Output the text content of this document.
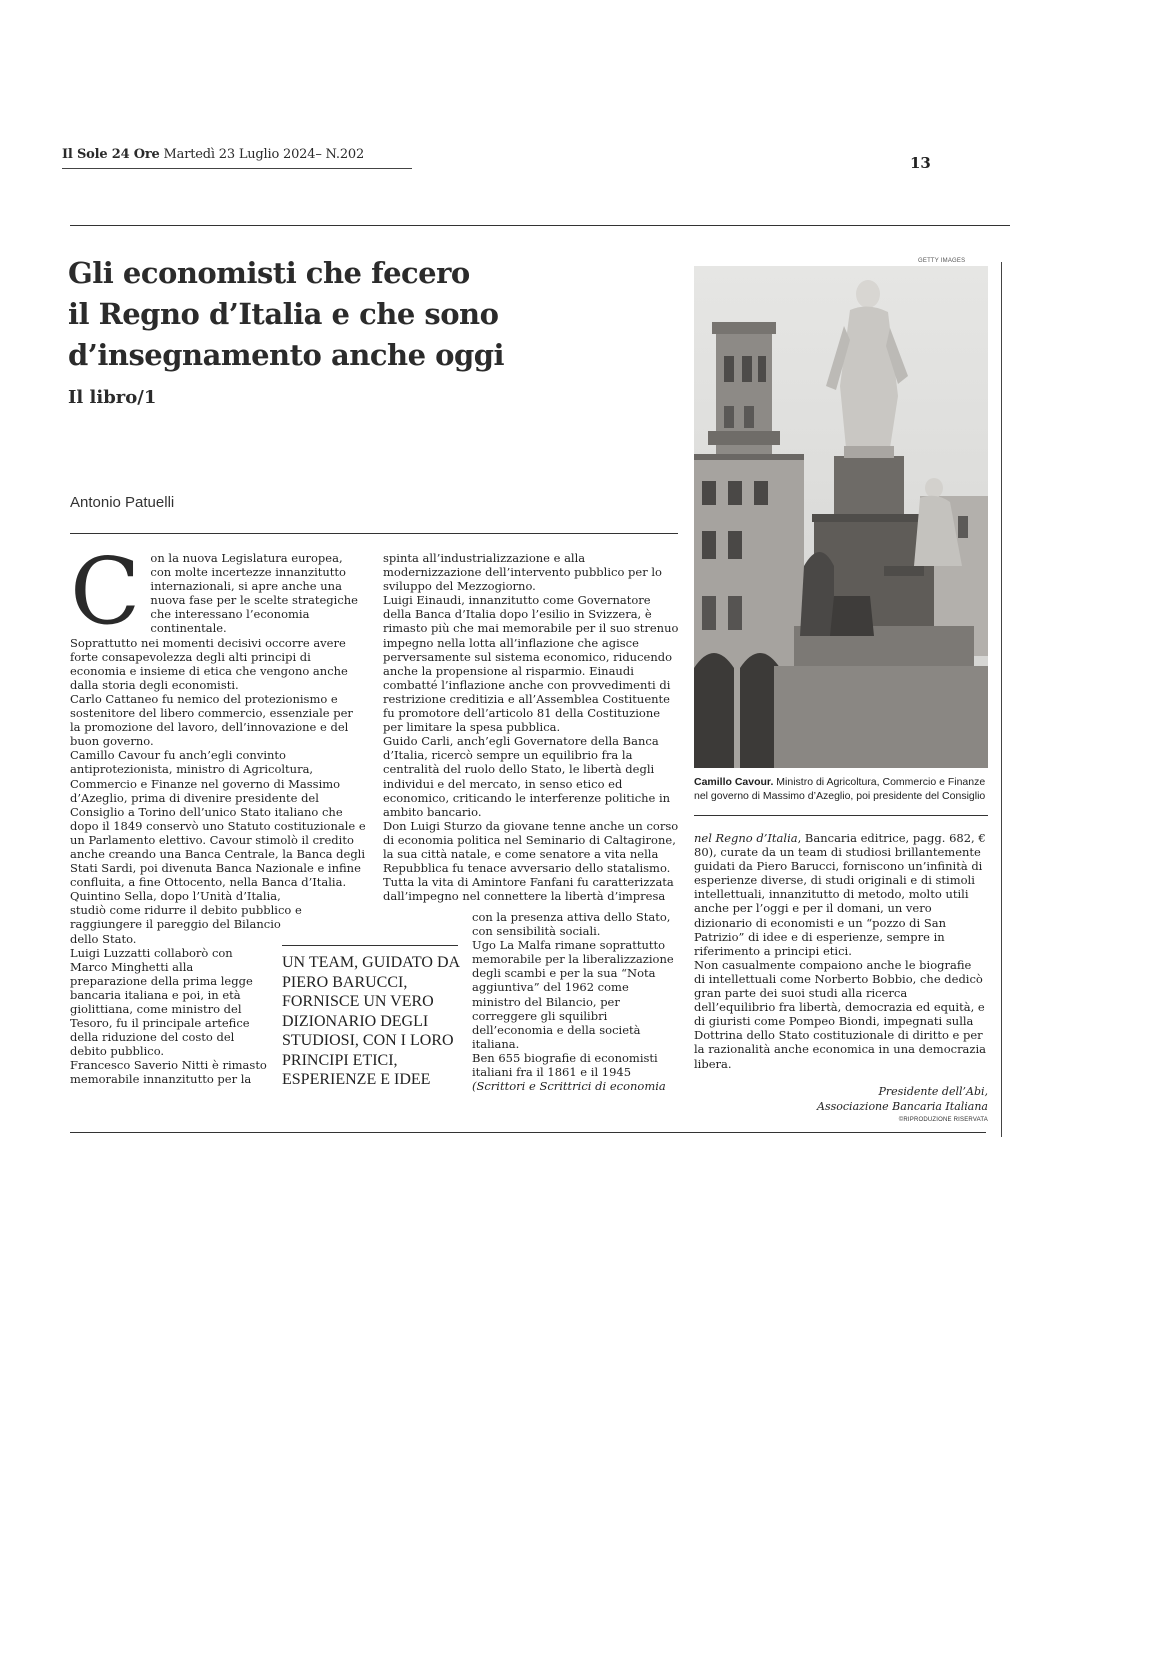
Il Sole 24 Ore Martedì 23 Luglio 2024– N.202	13
Gli economisti che fecero
il Regno d’Italia e che sono
d’insegnamento anche oggi
Il libro/1
Antonio Patuelli

Con la nuova Legislatura europea, con molte incertezze innanzitutto internazionali, si apre anche una nuova fase per le scelte strategiche che interessano l’economia continentale.

Soprattutto nei momenti decisivi occorre avere forte consapevolezza degli alti principi di economia e insieme di etica che vengono anche dalla storia degli economisti.

Carlo Cattaneo fu nemico del protezionismo e sostenitore del libero commercio, essenziale per la promozione del lavoro, dell’innovazione e del buon governo.

Camillo Cavour fu anch’egli convinto antiprotezionista, ministro di Agricoltura, Commercio e Finanze nel governo di Massimo d’Azeglio, prima di divenire presidente del Consiglio a Torino dell’unico Stato italiano che dopo il 1849 conservò uno Statuto costituzionale e un Parlamento elettivo. Cavour stimolò il credito anche creando una Banca Centrale, la Banca degli Stati Sardi, poi divenuta Banca Nazionale e infine confluita, a fine Ottocento, nella Banca d’Italia.

Quintino Sella, dopo l’Unità d’Italia, studiò come ridurre il debito pubblico e raggiungere il pareggio del Bilancio dello Stato.

Luigi Luzzatti collaborò con Marco Minghetti alla preparazione della prima legge bancaria italiana e poi, in età giolittiana, come ministro del Tesoro, fu il principale artefice della riduzione del costo del debito pubblico.

Francesco Saverio Nitti è rimasto memorabile innanzitutto per la

spinta all’industrializzazione e alla modernizzazione dell’intervento pubblico per lo sviluppo del Mezzogiorno.

Luigi Einaudi, innanzitutto come Governatore della Banca d’Italia dopo l’esilio in Svizzera, è rimasto più che mai memorabile per il suo strenuo impegno nella lotta all’inflazione che agisce perversamente sul sistema economico, riducendo anche la propensione al risparmio. Einaudi combatté l’inflazione anche con provvedimenti di restrizione creditizia e all’Assemblea Costituente fu promotore dell’articolo 81 della Costituzione per limitare la spesa pubblica.

Guido Carli, anch’egli Governatore della Banca d’Italia, ricercò sempre un equilibrio fra la centralità del ruolo dello Stato, le libertà degli individui e del mercato, in senso etico ed economico, criticando le interferenze politiche in ambito bancario.

Don Luigi Sturzo da giovane tenne anche un corso di economia politica nel Seminario di Caltagirone, la sua città natale, e come senatore a vita nella Repubblica fu tenace avversario dello statalismo.

Tutta la vita di Amintore Fanfani fu caratterizzata dall’impegno nel connettere la libertà d’impresa

con la presenza attiva dello Stato, con sensibilità sociali.

Ugo La Malfa rimane soprattutto memorabile per la liberalizzazione degli scambi e per la sua “Nota aggiuntiva” del 1962 come ministro del Bilancio, per correggere gli squilibri dell’economia e della società italiana.

Ben 655 biografie di economisti italiani fra il 1861 e il 1945 (Scrittori e Scrittrici di economia

UN TEAM, GUIDATO DA PIERO BARUCCI, FORNISCE UN VERO DIZIONARIO DEGLI STUDIOSI, CON I LORO PRINCIPI ETICI, ESPERIENZE E IDEE
GETTY IMAGES
Camillo Cavour. Ministro di Agricoltura, Commercio e Finanze nel governo di Massimo d’Azeglio, poi presidente del Consiglio

nel Regno d’Italia, Bancaria editrice, pagg. 682, € 80), curate da un team di studiosi brillantemente guidati da Piero Barucci, forniscono un’infinità di esperienze diverse, di studi originali e di stimoli intellettuali, innanzitutto di metodo, molto utili anche per l’oggi e per il domani, un vero dizionario di economisti e un “pozzo di San Patrizio” di idee e di esperienze, sempre in riferimento a principi etici.

Non casualmente compaiono anche le biografie di intellettuali come Norberto Bobbio, che dedicò gran parte dei suoi studi alla ricerca dell’equilibrio fra libertà, democrazia ed equità, e di giuristi come Pompeo Biondi, impegnati sulla Dottrina dello Stato costituzionale di diritto e per la razionalità anche economica in una democrazia libera.

Presidente dell’Abi,
Associazione Bancaria Italiana
©RIPRODUZIONE RISERVATA
